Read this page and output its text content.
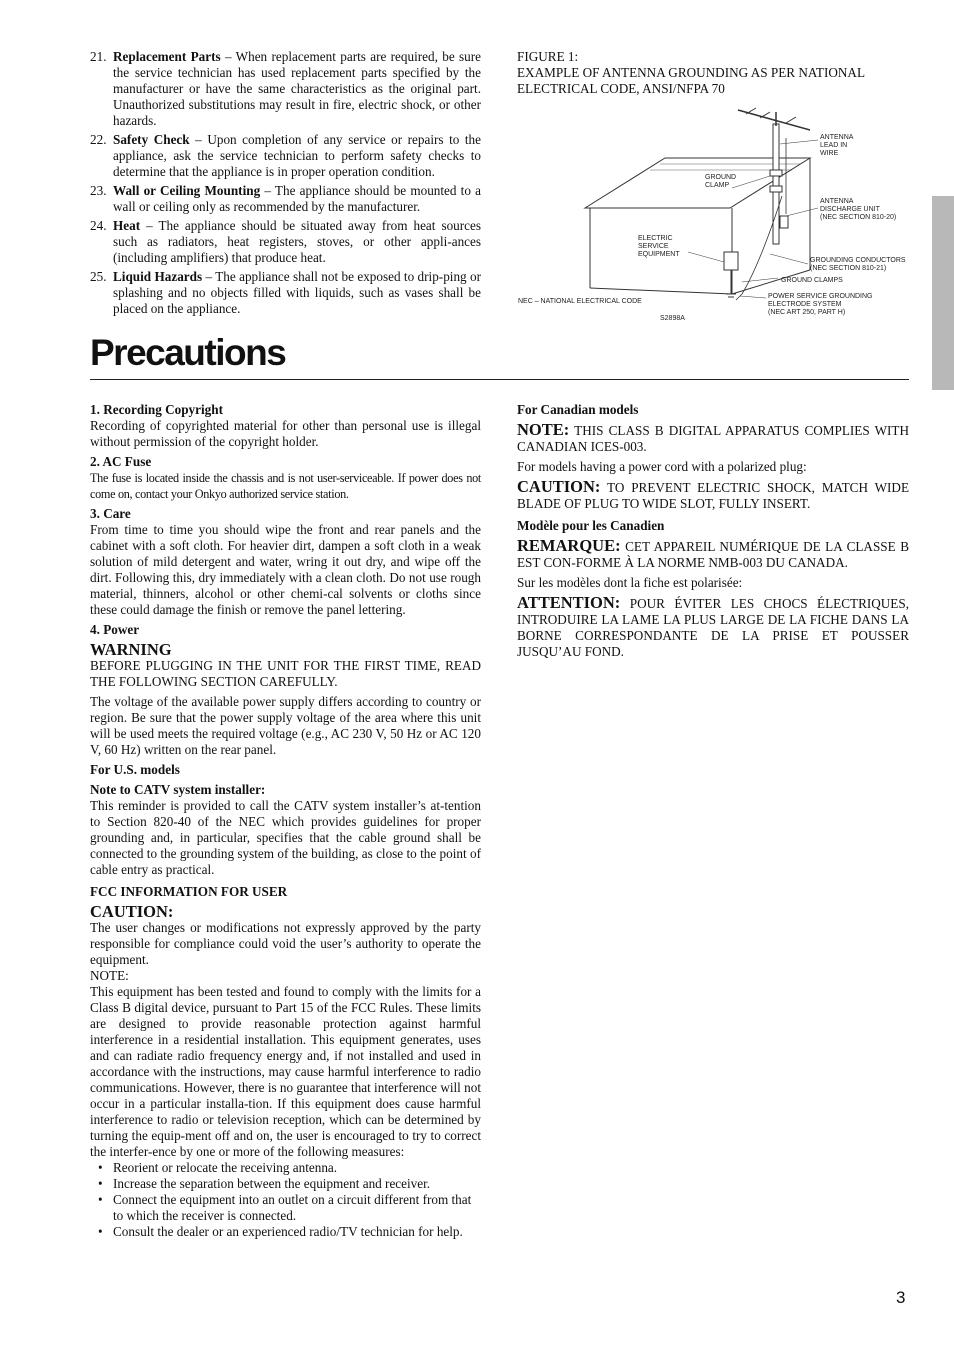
21. Replacement Parts – When replacement parts are required, be sure the service technician has used replacement parts specified by the manufacturer or have the same characteristics as the original part. Unauthorized substitutions may result in fire, electric shock, or other hazards.
22. Safety Check – Upon completion of any service or repairs to the appliance, ask the service technician to perform safety checks to determine that the appliance is in proper operation condition.
23. Wall or Ceiling Mounting – The appliance should be mounted to a wall or ceiling only as recommended by the manufacturer.
24. Heat – The appliance should be situated away from heat sources such as radiators, heat registers, stoves, or other appli-ances (including amplifiers) that produce heat.
25. Liquid Hazards – The appliance shall not be exposed to drip-ping or splashing and no objects filled with liquids, such as vases shall be placed on the appliance.
FIGURE 1:
EXAMPLE OF ANTENNA GROUNDING AS PER NATIONAL ELECTRICAL CODE, ANSI/NFPA 70
ANTENNA LEAD IN WIRE
GROUND CLAMP
ANTENNA DISCHARGE UNIT (NEC SECTION 810-20)
ELECTRIC SERVICE EQUIPMENT
GROUNDING CONDUCTORS (NEC SECTION 810-21)
GROUND CLAMPS
POWER SERVICE GROUNDING ELECTRODE SYSTEM (NEC ART 250, PART H)
NEC – NATIONAL ELECTRICAL CODE
S2898A
Precautions
1. Recording Copyright

Recording of copyrighted material for other than personal use is illegal without permission of the copyright holder.

2. AC Fuse

The fuse is located inside the chassis and is not user-serviceable. If power does not come on, contact your Onkyo authorized service station.

3. Care

From time to time you should wipe the front and rear panels and the cabinet with a soft cloth. For heavier dirt, dampen a soft cloth in a weak solution of mild detergent and water, wring it out dry, and wipe off the dirt. Following this, dry immediately with a clean cloth. Do not use rough material, thinners, alcohol or other chemi-cal solvents or cloths since these could damage the finish or remove the panel lettering.

4. Power
WARNING

BEFORE PLUGGING IN THE UNIT FOR THE FIRST TIME, READ THE FOLLOWING SECTION CAREFULLY.

The voltage of the available power supply differs according to country or region. Be sure that the power supply voltage of the area where this unit will be used meets the required voltage (e.g., AC 230 V, 50 Hz or AC 120 V, 60 Hz) written on the rear panel.

For U.S. models
Note to CATV system installer:

This reminder is provided to call the CATV system installer’s at-tention to Section 820-40 of the NEC which provides guidelines for proper grounding and, in particular, specifies that the cable ground shall be connected to the grounding system of the building, as close to the point of cable entry as practical.

FCC INFORMATION FOR USER
CAUTION:

The user changes or modifications not expressly approved by the party responsible for compliance could void the user’s authority to operate the equipment.

NOTE:

This equipment has been tested and found to comply with the limits for a Class B digital device, pursuant to Part 15 of the FCC Rules. These limits are designed to provide reasonable protection against harmful interference in a residential installation. This equipment generates, uses and can radiate radio frequency energy and, if not installed and used in accordance with the instructions, may cause harmful interference to radio communications. However, there is no guarantee that interference will not occur in a particular installa-tion. If this equipment does cause harmful interference to radio or television reception, which can be determined by turning the equip-ment off and on, the user is encouraged to try to correct the interfer-ence by one or more of the following measures:

• Reorient or relocate the receiving antenna.
• Increase the separation between the equipment and receiver.
• Connect the equipment into an outlet on a circuit different from that to which the receiver is connected.
• Consult the dealer or an experienced radio/TV technician for help.
For Canadian models

NOTE: THIS CLASS B DIGITAL APPARATUS COMPLIES WITH CANADIAN ICES-003.

For models having a power cord with a polarized plug:

CAUTION: TO PREVENT ELECTRIC SHOCK, MATCH WIDE BLADE OF PLUG TO WIDE SLOT, FULLY INSERT.

Modèle pour les Canadien

REMARQUE: CET APPAREIL NUMÉRIQUE DE LA CLASSE B EST CON-FORME À LA NORME NMB-003 DU CANADA.

Sur les modèles dont la fiche est polarisée:

ATTENTION: POUR ÉVITER LES CHOCS ÉLECTRIQUES, INTRODUIRE LA LAME LA PLUS LARGE DE LA FICHE DANS LA BORNE CORRESPONDANTE DE LA PRISE ET POUSSER JUSQU’AU FOND.

3
